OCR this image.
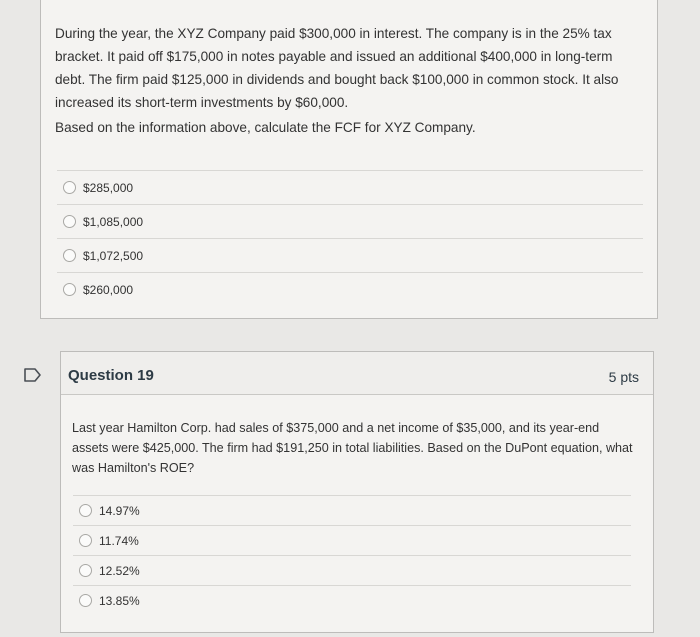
During the year, the XYZ Company paid $300,000 in interest. The company is in the 25% tax bracket. It paid off $175,000 in notes payable and issued an additional $400,000 in long-term debt. The firm paid $125,000 in dividends and bought back $100,000 in common stock. It also increased its short-term investments by $60,000.
Based on the information above, calculate the FCF for XYZ Company.
$285,000
$1,085,000
$1,072,500
$260,000
Question 19	5 pts
Last year Hamilton Corp. had sales of $375,000 and a net income of $35,000, and its year-end assets were $425,000. The firm had $191,250 in total liabilities. Based on the DuPont equation, what was Hamilton's ROE?
14.97%
11.74%
12.52%
13.85%
